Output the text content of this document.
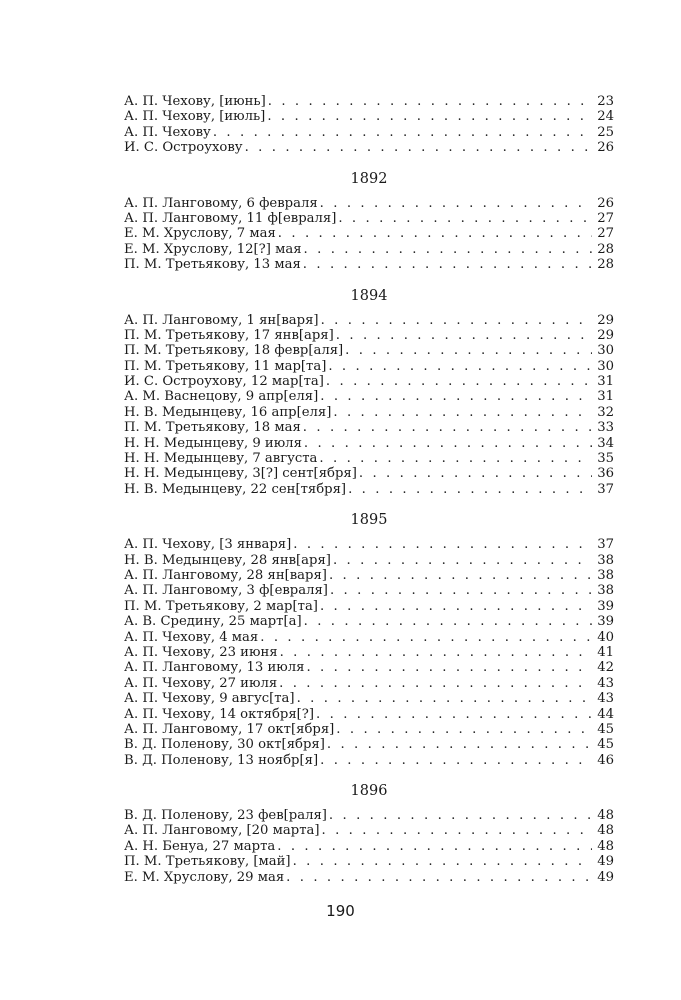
А. П. Чехову, [июнь] . . .	23
А. П. Чехову, [июль] . . .	24
А. П. Чехову . . .	25
И. С. Остроухову . . .	26
1892
А. П. Ланговому, 6 февраля . . .	26
А. П. Ланговому, 11 ф[евраля] . . .	27
Е. М. Хруслову, 7 мая . . .	27
Е. М. Хруслову, 12[?] мая . . .	28
П. М. Третьякову, 13 мая . . .	28
1894
А. П. Ланговому, 1 ян[варя] . . .	29
П. М. Третьякову, 17 янв[аря] . . .	29
П. М. Третьякову, 18 февр[аля] . . .	30
П. М. Третьякову, 11 мар[та] . . .	30
И. С. Остроухову, 12 мар[та] . . .	31
А. М. Васнецову, 9 апр[еля] . . .	31
Н. В. Медынцеву, 16 апр[еля] . . .	32
П. М. Третьякову, 18 мая . . .	33
Н. Н. Медынцеву, 9 июля . . .	34
Н. Н. Медынцеву, 7 августа . . .	35
Н. Н. Медынцеву, 3[?] сент[ября] . . .	36
Н. В. Медынцеву, 22 сен[тября] . . .	37
1895
А. П. Чехову, [3 января] . . .	37
Н. В. Медынцеву, 28 янв[аря] . . .	38
А. П. Ланговому, 28 ян[варя] . . .	38
А. П. Ланговому, 3 ф[евраля] . . .	38
П. М. Третьякову, 2 мар[та] . . .	39
А. В. Средину, 25 март[а] . . .	39
А. П. Чехову, 4 мая . . .	40
А. П. Чехову, 23 июня . . .	41
А. П. Ланговому, 13 июля . . .	42
А. П. Чехову, 27 июля . . .	43
А. П. Чехову, 9 авгус[та] . . .	43
А. П. Чехову, 14 октября[?] . . .	44
А. П. Ланговому, 17 окт[ября] . . .	45
В. Д. Поленову, 30 окт[ября] . . .	45
В. Д. Поленову, 13 ноябр[я] . . .	46
1896
В. Д. Поленову, 23 фев[раля] . . .	48
А. П. Ланговому, [20 марта] . . .	48
А. Н. Бенуа, 27 марта . . .	48
П. М. Третьякову, [май] . . .	49
Е. М. Хруслову, 29 мая . . .	49
190
